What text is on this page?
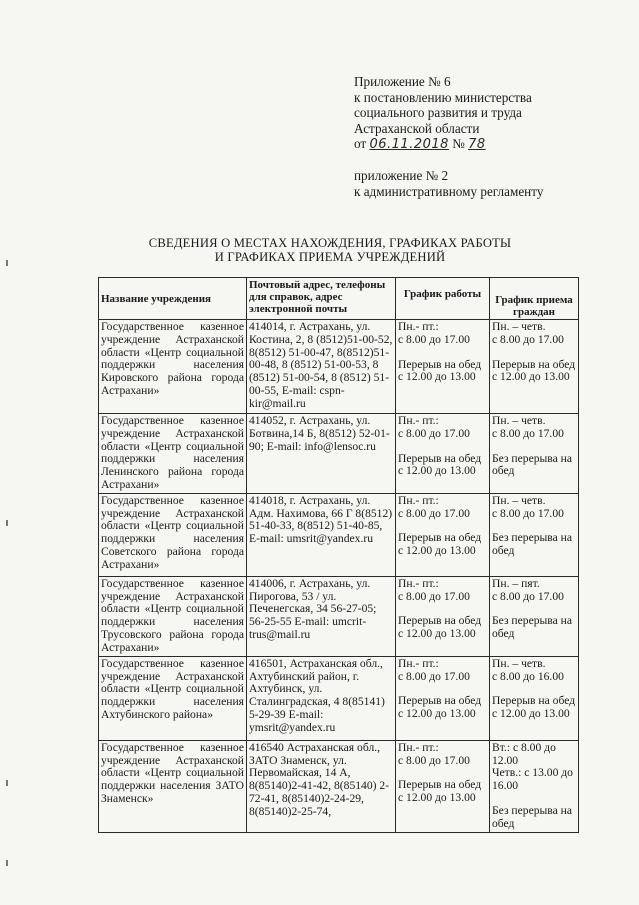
Приложение № 6
к постановлению министерства
социального развития и труда
Астраханской области
от 06.11.2018 № 78
приложение № 2
к административному регламенту
СВЕДЕНИЯ О МЕСТАХ НАХОЖДЕНИЯ, ГРАФИКАХ РАБОТЫ
И ГРАФИКАХ ПРИЕМА УЧРЕЖДЕНИЙ
Название учреждения	Почтовый адрес, телефоны для справок, адрес электронной почты	График работы	График приема граждан
Государственное казенное учреждение Астраханской области «Центр социальной поддержки населения Кировского района города Астрахани»	414014, г. Астрахань, ул. Костина, 2, 8 (8512)51-00-52, 8(8512) 51-00-47, 8(8512)51-00-48, 8 (8512) 51-00-53, 8 (8512) 51-00-54, 8 (8512) 51-00-55, E-mail: cspn-kir@mail.ru	Пн.- пт.:
с 8.00 до 17.00
Перерыв на обед с 12.00 до 13.00	Пн. – четв.
с 8.00 до 17.00
Перерыв на обед с 12.00 до 13.00

Государственное казенное учреждение Астраханской области «Центр социальной поддержки населения Ленинского района города Астрахани»	414052, г. Астрахань, ул. Ботвина,14 Б, 8(8512) 52-01-90; E-mail: info@lensoc.ru	Пн.- пт.:
с 8.00 до 17.00
Перерыв на обед с 12.00 до 13.00	Пн. – четв.
с 8.00 до 17.00
Без перерыва на обед

Государственное казенное учреждение Астраханской области «Центр социальной поддержки населения Советского района города Астрахани»	414018, г. Астрахань, ул. Адм. Нахимова, 66 Г 8(8512) 51-40-33, 8(8512) 51-40-85, E-mail: umsrit@yandex.ru	Пн.- пт.:
с 8.00 до 17.00
Перерыв на обед с 12.00 до 13.00	Пн. – четв.
с 8.00 до 17.00
Без перерыва на обед

Государственное казенное учреждение Астраханской области «Центр социальной поддержки населения Трусовского района города Астрахани»	414006, г. Астрахань, ул. Пирогова, 53 / ул. Печенегская, 34 56-27-05; 56-25-55 E-mail: umcrit-trus@mail.ru	Пн.- пт.:
с 8.00 до 17.00
Перерыв на обед с 12.00 до 13.00	Пн. – пят.
с 8.00 до 17.00
Без перерыва на обед

Государственное казенное учреждение Астраханской области «Центр социальной поддержки населения Ахтубинского района»	416501, Астраханская обл., Ахтубинский район, г. Ахтубинск, ул. Сталинградская, 4 8(85141) 5-29-39 E-mail: ymsrit@yandex.ru	Пн.- пт.:
с 8.00 до 17.00
Перерыв на обед с 12.00 до 13.00	Пн. – четв.
с 8.00 до 16.00
Перерыв на обед с 12.00 до 13.00

Государственное казенное учреждение Астраханской области «Центр социальной поддержки населения ЗАТО Знаменск»	416540 Астраханская обл., ЗАТО Знаменск, ул. Первомайская, 14 А, 8(85140)2-41-42, 8(85140) 2-72-41, 8(85140)2-24-29, 8(85140)2-25-74,	Пн.- пт.:
с 8.00 до 17.00
Перерыв на обед с 12.00 до 13.00	Вт.: с 8.00 до 12.00
Четв.: с 13.00 до 16.00
Без перерыва на обед
